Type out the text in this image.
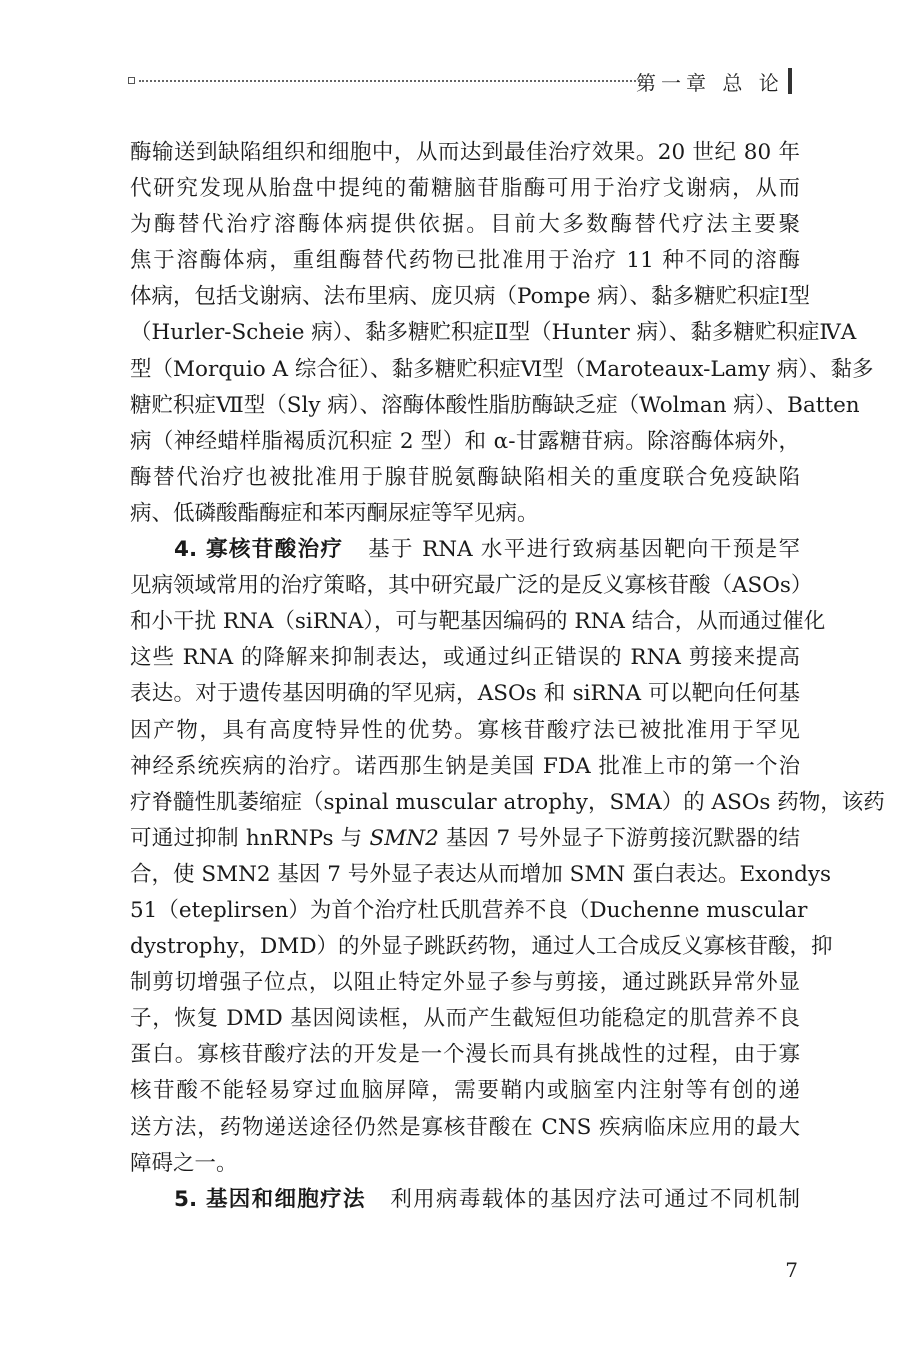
第一章 总 论
酶输送到缺陷组织和细胞中，从而达到最佳治疗效果。20 世纪 80 年
代研究发现从胎盘中提纯的葡糖脑苷脂酶可用于治疗戈谢病，从而
为酶替代治疗溶酶体病提供依据。目前大多数酶替代疗法主要聚
焦于溶酶体病，重组酶替代药物已批准用于治疗 11 种不同的溶酶
体病，包括戈谢病、法布里病、庞贝病（Pompe 病）、黏多糖贮积症Ⅰ型
（Hurler-Scheie 病）、黏多糖贮积症Ⅱ型（Hunter 病）、黏多糖贮积症ⅣA
型（Morquio A 综合征）、黏多糖贮积症Ⅵ型（Maroteaux-Lamy 病）、黏多
糖贮积症Ⅶ型（Sly 病）、溶酶体酸性脂肪酶缺乏症（Wolman 病）、Batten
病（神经蜡样脂褐质沉积症 2 型）和 α-甘露糖苷病。除溶酶体病外，
酶替代治疗也被批准用于腺苷脱氨酶缺陷相关的重度联合免疫缺陷
病、低磷酸酯酶症和苯丙酮尿症等罕见病。
4. 寡核苷酸治疗 基于 RNA 水平进行致病基因靶向干预是罕
见病领域常用的治疗策略，其中研究最广泛的是反义寡核苷酸（ASOs）
和小干扰 RNA（siRNA），可与靶基因编码的 RNA 结合，从而通过催化
这些 RNA 的降解来抑制表达，或通过纠正错误的 RNA 剪接来提高
表达。对于遗传基因明确的罕见病，ASOs 和 siRNA 可以靶向任何基
因产物，具有高度特异性的优势。寡核苷酸疗法已被批准用于罕见
神经系统疾病的治疗。诺西那生钠是美国 FDA 批准上市的第一个治
疗脊髓性肌萎缩症（spinal muscular atrophy，SMA）的 ASOs 药物，该药
可通过抑制 hnRNPs 与 SMN2 基因 7 号外显子下游剪接沉默器的结
合，使 SMN2 基因 7 号外显子表达从而增加 SMN 蛋白表达。Exondys
51（eteplirsen）为首个治疗杜氏肌营养不良（Duchenne muscular
dystrophy，DMD）的外显子跳跃药物，通过人工合成反义寡核苷酸，抑
制剪切增强子位点，以阻止特定外显子参与剪接，通过跳跃异常外显
子，恢复 DMD 基因阅读框，从而产生截短但功能稳定的肌营养不良
蛋白。寡核苷酸疗法的开发是一个漫长而具有挑战性的过程，由于寡
核苷酸不能轻易穿过血脑屏障，需要鞘内或脑室内注射等有创的递
送方法，药物递送途径仍然是寡核苷酸在 CNS 疾病临床应用的最大
障碍之一。
5. 基因和细胞疗法 利用病毒载体的基因疗法可通过不同机制
7
